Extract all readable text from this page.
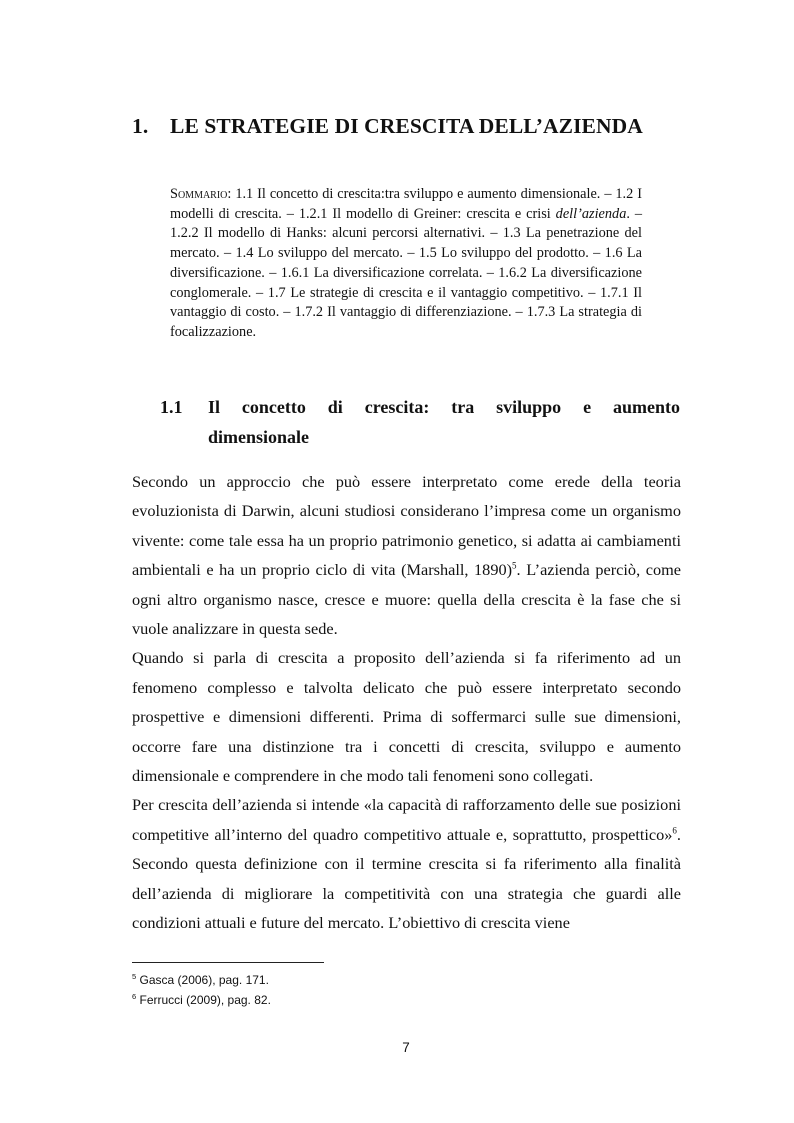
1. LE STRATEGIE DI CRESCITA DELL’AZIENDA
Sommario: 1.1 Il concetto di crescita:tra sviluppo e aumento dimensionale. – 1.2 I modelli di crescita. – 1.2.1 Il modello di Greiner: crescita e crisi dell’azienda. – 1.2.2 Il modello di Hanks: alcuni percorsi alternativi. – 1.3 La penetrazione del mercato. – 1.4 Lo sviluppo del mercato. – 1.5 Lo sviluppo del prodotto. – 1.6 La diversificazione. – 1.6.1 La diversificazione correlata. – 1.6.2 La diversificazione conglomerale. – 1.7 Le strategie di crescita e il vantaggio competitivo. – 1.7.1 Il vantaggio di costo. – 1.7.2 Il vantaggio di differenziazione. – 1.7.3 La strategia di focalizzazione.
1.1 Il concetto di crescita: tra sviluppo e aumento
dimensionale

Secondo un approccio che può essere interpretato come erede della teoria evoluzionista di Darwin, alcuni studiosi considerano l’impresa come un organismo vivente: come tale essa ha un proprio patrimonio genetico, si adatta ai cambiamenti ambientali e ha un proprio ciclo di vita (Marshall, 1890)$^5$. L’azienda perciò, come ogni altro organismo nasce, cresce e muore: quella della crescita è la fase che si vuole analizzare in questa sede.

Quando si parla di crescita a proposito dell’azienda si fa riferimento ad un fenomeno complesso e talvolta delicato che può essere interpretato secondo prospettive e dimensioni differenti. Prima di soffermarci sulle sue dimensioni, occorre fare una distinzione tra i concetti di crescita, sviluppo e aumento dimensionale e comprendere in che modo tali fenomeni sono collegati.

Per crescita dell’azienda si intende «la capacità di rafforzamento delle sue posizioni competitive all’interno del quadro competitivo attuale e, soprattutto, prospettico»$^6$. Secondo questa definizione con il termine crescita si fa riferimento alla finalità dell’azienda di migliorare la competitività con una strategia che guardi alle condizioni attuali e future del mercato. L’obiettivo di crescita viene

$^5$ Gasca (2006), pag. 171.
$^6$ Ferrucci (2009), pag. 82.
7
